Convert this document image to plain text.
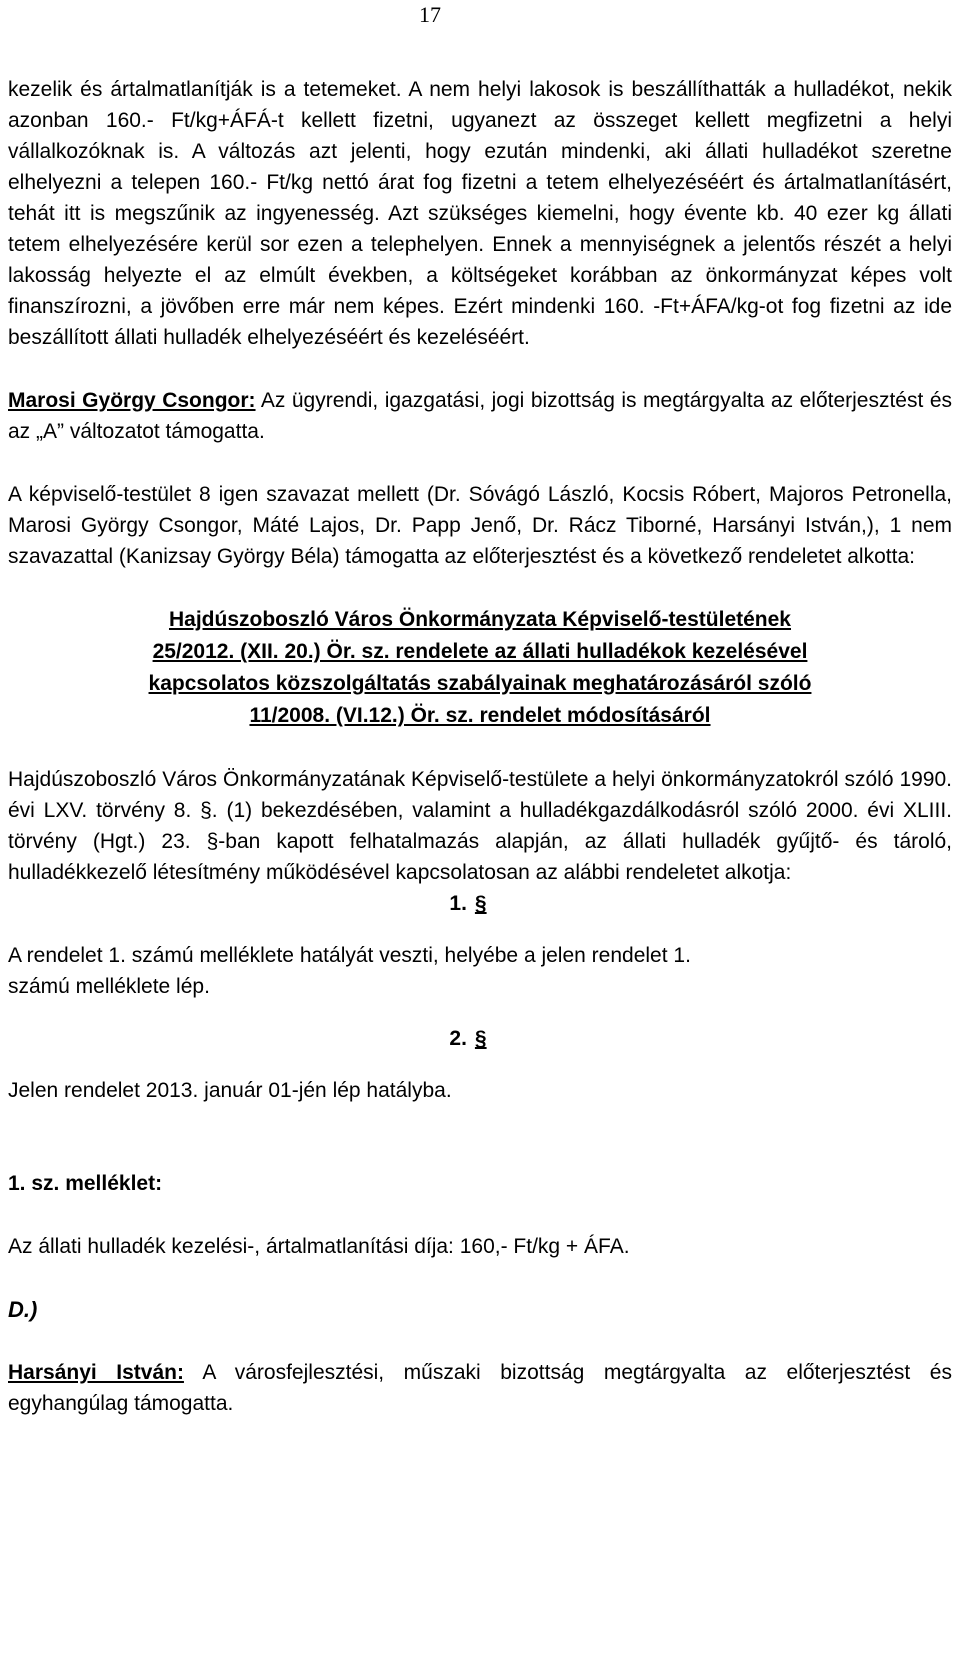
17

kezelik és ártalmatlanítják is a tetemeket. A nem helyi lakosok is beszállíthatták a hulladékot, nekik azonban 160.- Ft/kg+ÁFÁ-t kellett fizetni, ugyanezt az összeget kellett megfizetni a helyi vállalkozóknak is. A változás azt jelenti, hogy ezután mindenki, aki állati hulladékot szeretne elhelyezni a telepen 160.- Ft/kg nettó árat fog fizetni a tetem elhelyezéséért és ártalmatlanításért, tehát itt is megszűnik az ingyenesség. Azt szükséges kiemelni, hogy évente kb. 40 ezer kg állati tetem elhelyezésére kerül sor ezen a telephelyen. Ennek a mennyiségnek a jelentős részét a helyi lakosság helyezte el az elmúlt években, a költségeket korábban az önkormányzat képes volt finanszírozni, a jövőben erre már nem képes. Ezért mindenki 160. -Ft+ÁFA/kg-ot fog fizetni az ide beszállított állati hulladék elhelyezéséért és kezeléséért.

Marosi György Csongor: Az ügyrendi, igazgatási, jogi bizottság is megtárgyalta az előterjesztést és az „A” változatot támogatta.

A képviselő-testület 8 igen szavazat mellett (Dr. Sóvágó László, Kocsis Róbert, Majoros Petronella, Marosi György Csongor, Máté Lajos, Dr. Papp Jenő, Dr. Rácz Tiborné, Harsányi István,), 1 nem szavazattal (Kanizsay György Béla) támogatta az előterjesztést és a következő rendeletet alkotta:

Hajdúszoboszló Város Önkormányzata Képviselő-testületének

25/2012. (XII. 20.) Ör. sz. rendelete az állati hulladékok kezelésével

kapcsolatos közszolgáltatás szabályainak meghatározásáról szóló

11/2008. (VI.12.) Ör. sz. rendelet módosításáról

Hajdúszoboszló Város Önkormányzatának Képviselő-testülete a helyi önkormányzatokról szóló 1990. évi LXV. törvény 8. §. (1) bekezdésében, valamint a hulladékgazdálkodásról szóló 2000. évi XLIII. törvény (Hgt.) 23. §-ban kapott felhatalmazás alapján, az állati hulladék gyűjtő- és tároló, hulladékkezelő létesítmény működésével kapcsolatosan az alábbi rendeletet alkotja:

1. §

A rendelet 1. számú melléklete hatályát veszti, helyébe a jelen rendelet 1.
számú melléklete lép.

2. §

Jelen rendelet 2013. január 01-jén lép hatályba.

1. sz. melléklet:

Az állati hulladék kezelési-, ártalmatlanítási díja: 160,- Ft/kg + ÁFA.

D.)

Harsányi István: A városfejlesztési, műszaki bizottság megtárgyalta az előterjesztést és egyhangúlag támogatta.
